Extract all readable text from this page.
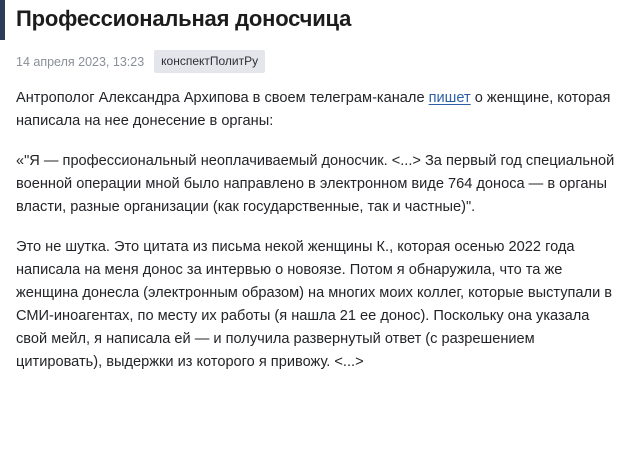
Профессиональная доносчица
14 апреля 2023, 13:23	конспектПолитРу

Антрополог Александра Архипова в своем телеграм-канале пишет о женщине, которая написала на нее донесение в органы:

«"Я — профессиональный неоплачиваемый доносчик. <...> За первый год специальной военной операции мной было направлено в электронном виде 764 доноса — в органы власти, разные организации (как государственные, так и частные)".

Это не шутка. Это цитата из письма некой женщины К., которая осенью 2022 года написала на меня донос за интервью о новоязе. Потом я обнаружила, что та же женщина донесла (электронным образом) на многих моих коллег, которые выступали в СМИ-иноагентах, по месту их работы (я нашла 21 ее донос). Поскольку она указала свой мейл, я написала ей — и получила развернутый ответ (с разрешением цитировать), выдержки из которого я привожу. <...>
